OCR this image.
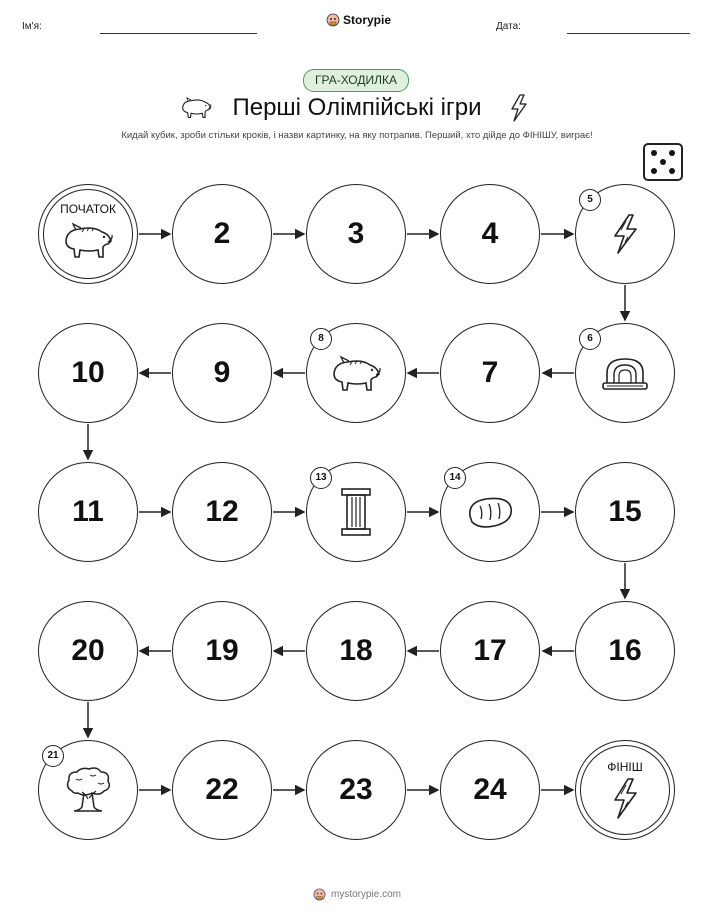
Ім'я:	Storypie	Дата:
ГРА-ХОДИЛКА
Перші Олімпійські ігри
Кидай кубик, зроби стільки кроків, і назви картинку, на яку потрапив. Перший, хто дійде до ФІНІШУ, виграє!
ПОЧАТОК
2	3	4
5
10	9
8
7
6
11	12
13	14
15
20	19	18	17	16
21
22	23	24
ФІНІШ
mystorypie.com
